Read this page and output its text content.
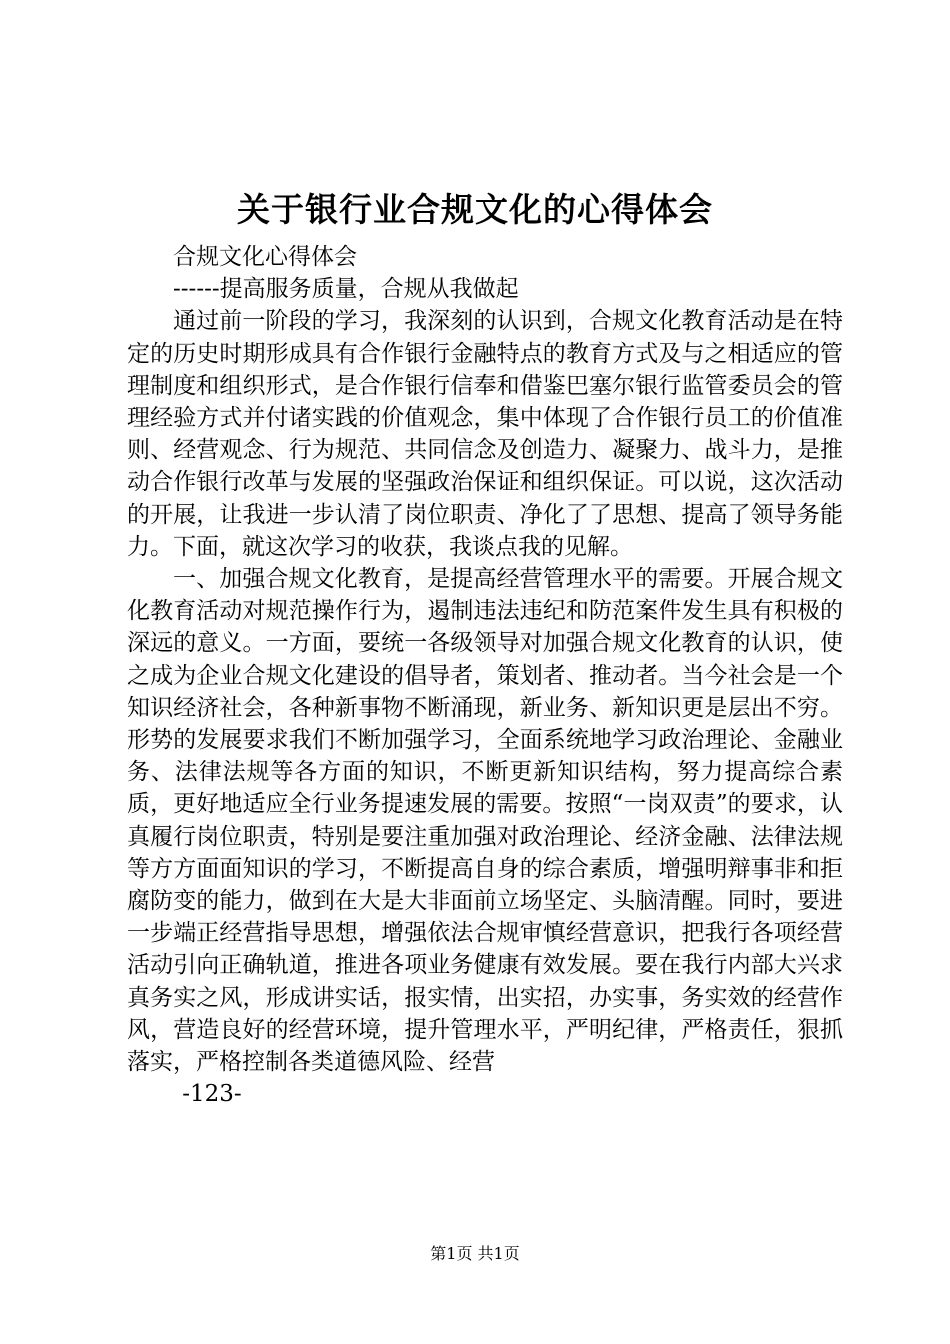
关于银行业合规文化的心得体会

合规文化心得体会

------提高服务质量，合规从我做起

通过前一阶段的学习，我深刻的认识到，合规文化教育活动是在特定的历史时期形成具有合作银行金融特点的教育方式及与之相适应的管理制度和组织形式，是合作银行信奉和借鉴巴塞尔银行监管委员会的管理经验方式并付诸实践的价值观念，集中体现了合作银行员工的价值准则、经营观念、行为规范、共同信念及创造力、凝聚力、战斗力，是推动合作银行改革与发展的坚强政治保证和组织保证。可以说，这次活动的开展，让我进一步认清了岗位职责、净化了了思想、提高了领导务能力。下面，就这次学习的收获，我谈点我的见解。

一、加强合规文化教育，是提高经营管理水平的需要。开展合规文化教育活动对规范操作行为，遏制违法违纪和防范案件发生具有积极的深远的意义。一方面，要统一各级领导对加强合规文化教育的认识，使之成为企业合规文化建设的倡导者，策划者、推动者。当今社会是一个知识经济社会，各种新事物不断涌现，新业务、新知识更是层出不穷。形势的发展要求我们不断加强学习，全面系统地学习政治理论、金融业务、法律法规等各方面的知识，不断更新知识结构，努力提高综合素质，更好地适应全行业务提速发展的需要。按照“一岗双责”的要求，认真履行岗位职责，特别是要注重加强对政治理论、经济金融、法律法规等方方面面知识的学习，不断提高自身的综合素质，增强明辩事非和拒腐防变的能力，做到在大是大非面前立场坚定、头脑清醒。同时，要进一步端正经营指导思想，增强依法合规审慎经营意识，把我行各项经营活动引向正确轨道，推进各项业务健康有效发展。要在我行内部大兴求真务实之风，形成讲实话，报实情，出实招，办实事，务实效的经营作风，营造良好的经营环境，提升管理水平，严明纪律，严格责任，狠抓落实，严格控制各类道德风险、经营

-123-

第1页 共1页
